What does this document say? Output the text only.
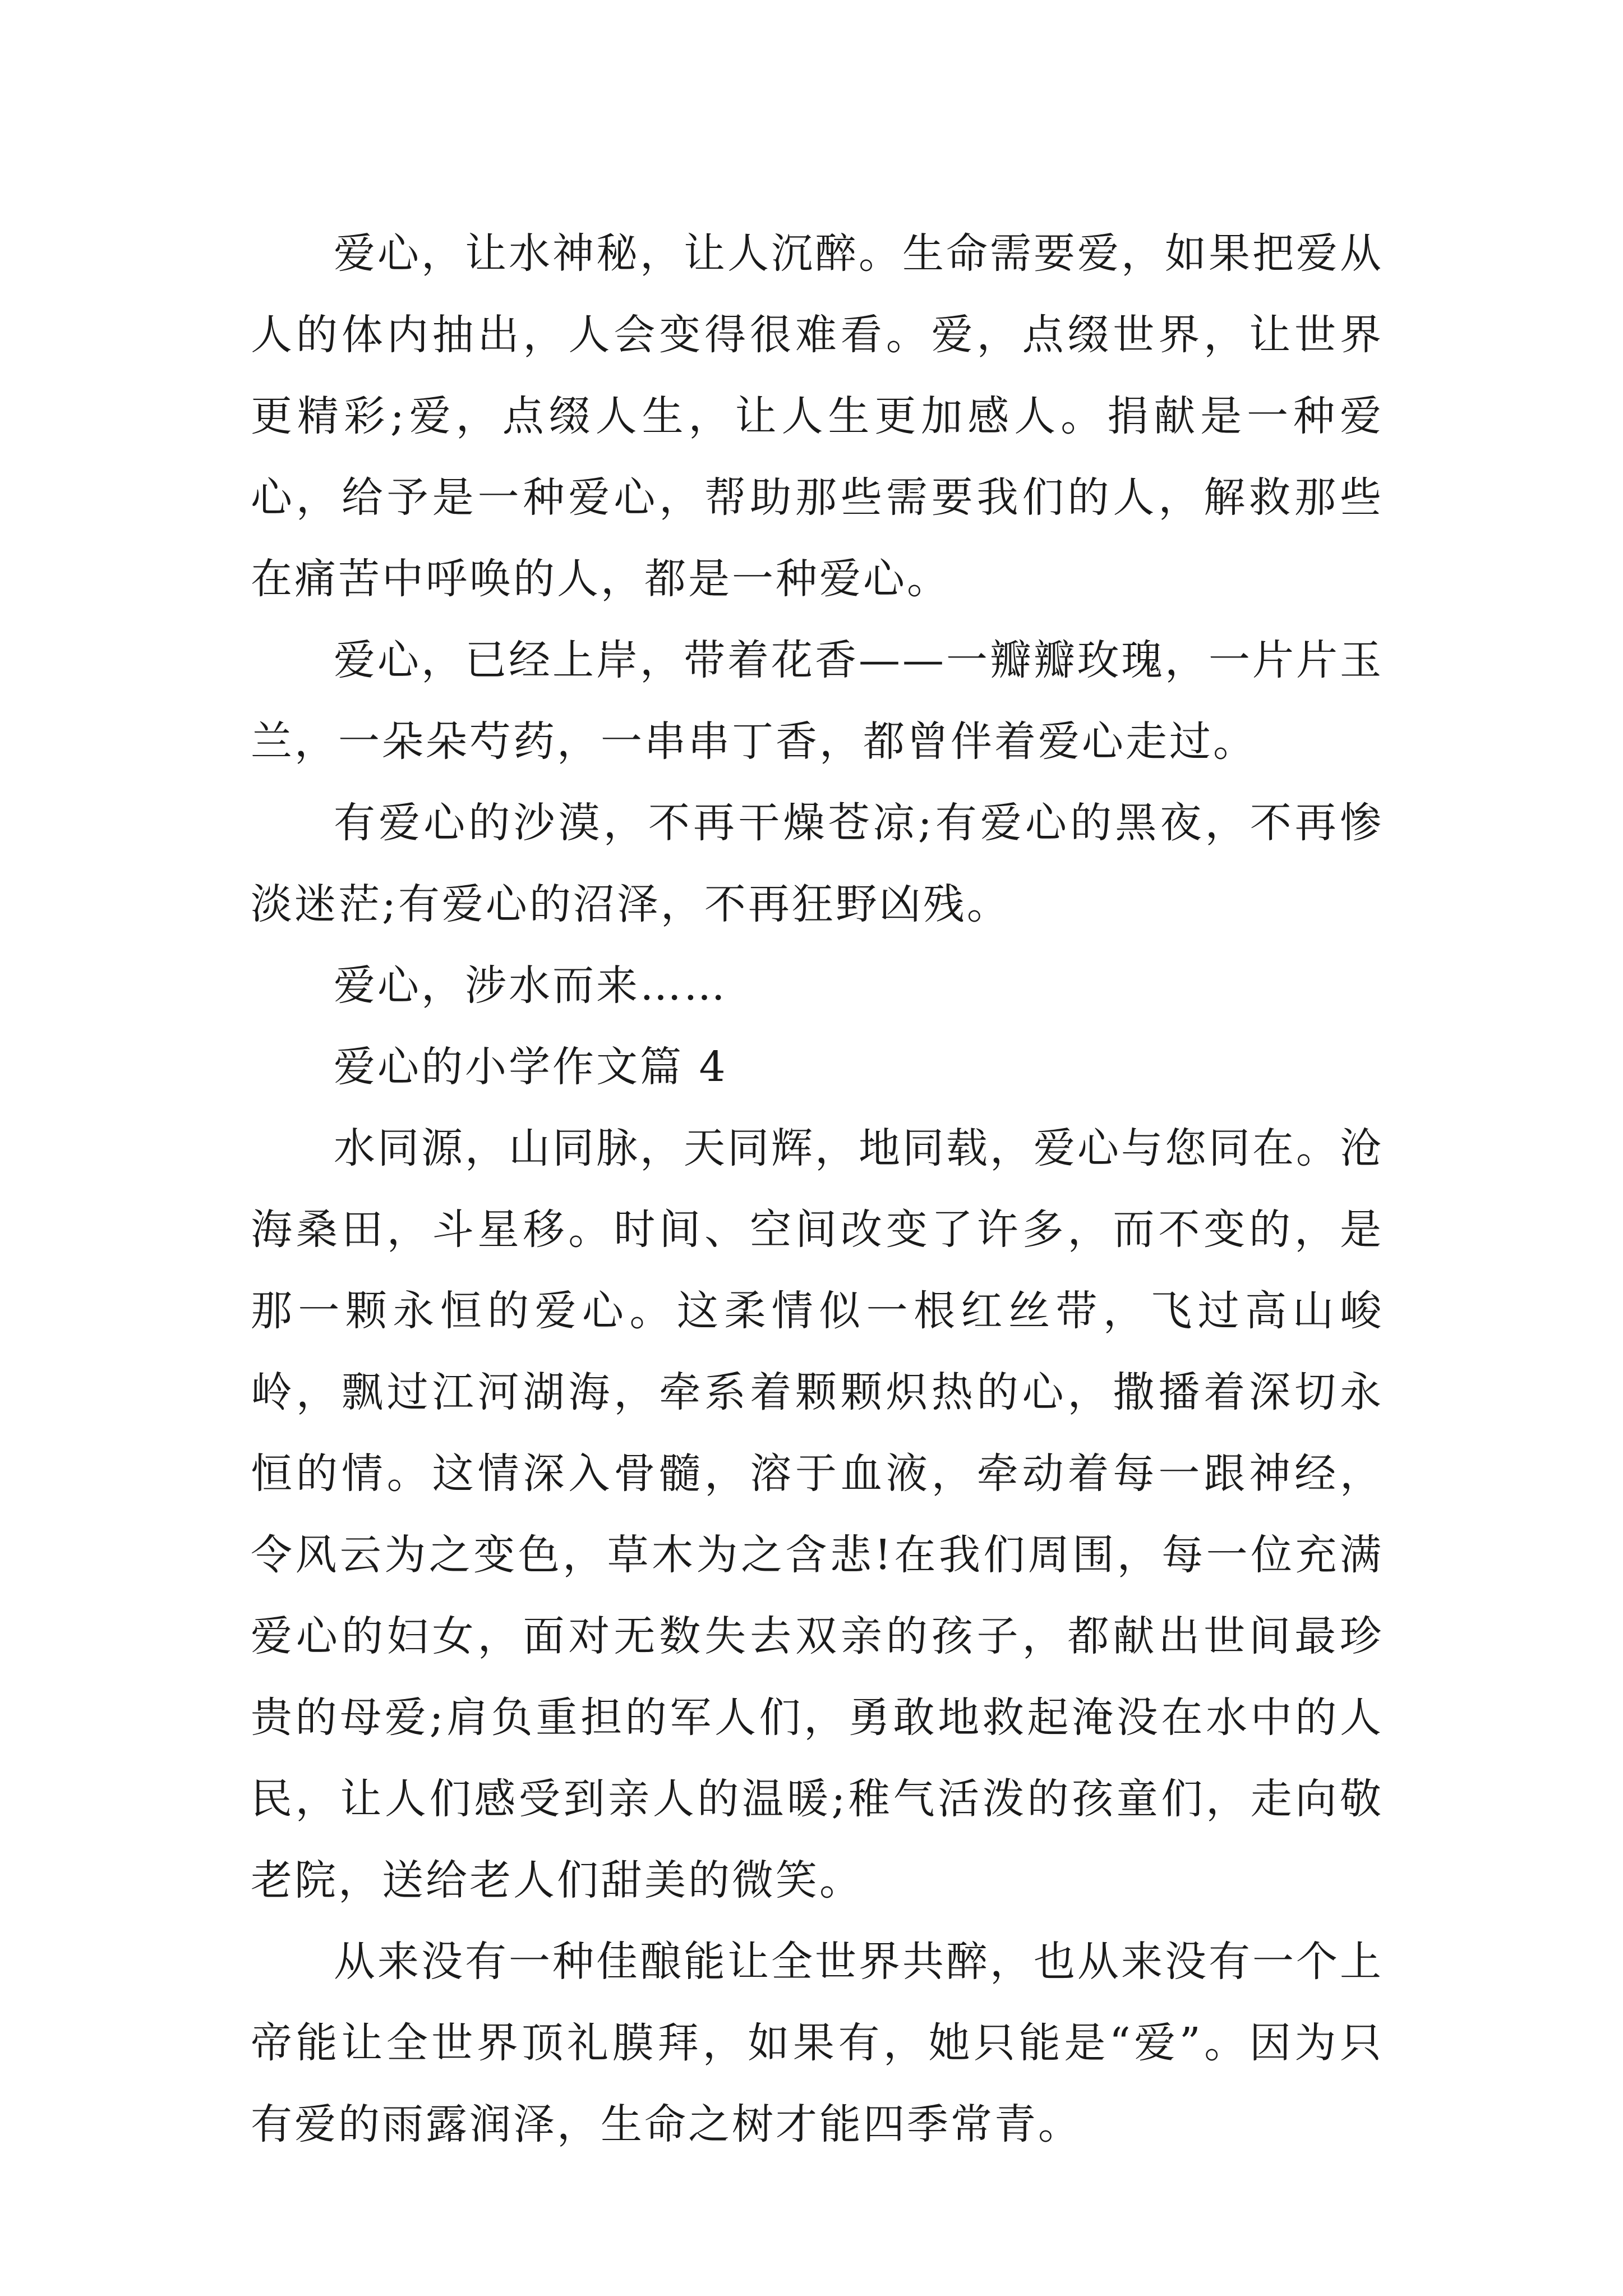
爱心，让水神秘，让人沉醉。生命需要爱，如果把爱从人的体内抽出，人会变得很难看。爱，点缀世界，让世界更精彩;爱，点缀人生，让人生更加感人。捐献是一种爱心，给予是一种爱心，帮助那些需要我们的人，解救那些在痛苦中呼唤的人，都是一种爱心。

爱心，已经上岸，带着花香——一瓣瓣玫瑰，一片片玉兰，一朵朵芍药，一串串丁香，都曾伴着爱心走过。

有爱心的沙漠，不再干燥苍凉;有爱心的黑夜，不再惨淡迷茫;有爱心的沼泽，不再狂野凶残。

爱心，涉水而来……

爱心的小学作文篇 4

水同源，山同脉，天同辉，地同载，爱心与您同在。沧海桑田，斗星移。时间、空间改变了许多，而不变的，是那一颗永恒的爱心。这柔情似一根红丝带，飞过高山峻岭，飘过江河湖海，牵系着颗颗炽热的心，撒播着深切永恒的情。这情深入骨髓，溶于血液，牵动着每一跟神经，令风云为之变色，草木为之含悲!在我们周围，每一位充满爱心的妇女，面对无数失去双亲的孩子，都献出世间最珍贵的母爱;肩负重担的军人们，勇敢地救起淹没在水中的人民，让人们感受到亲人的温暖;稚气活泼的孩童们，走向敬老院，送给老人们甜美的微笑。

从来没有一种佳酿能让全世界共醉，也从来没有一个上帝能让全世界顶礼膜拜，如果有，她只能是“爱”。因为只有爱的雨露润泽，生命之树才能四季常青。
